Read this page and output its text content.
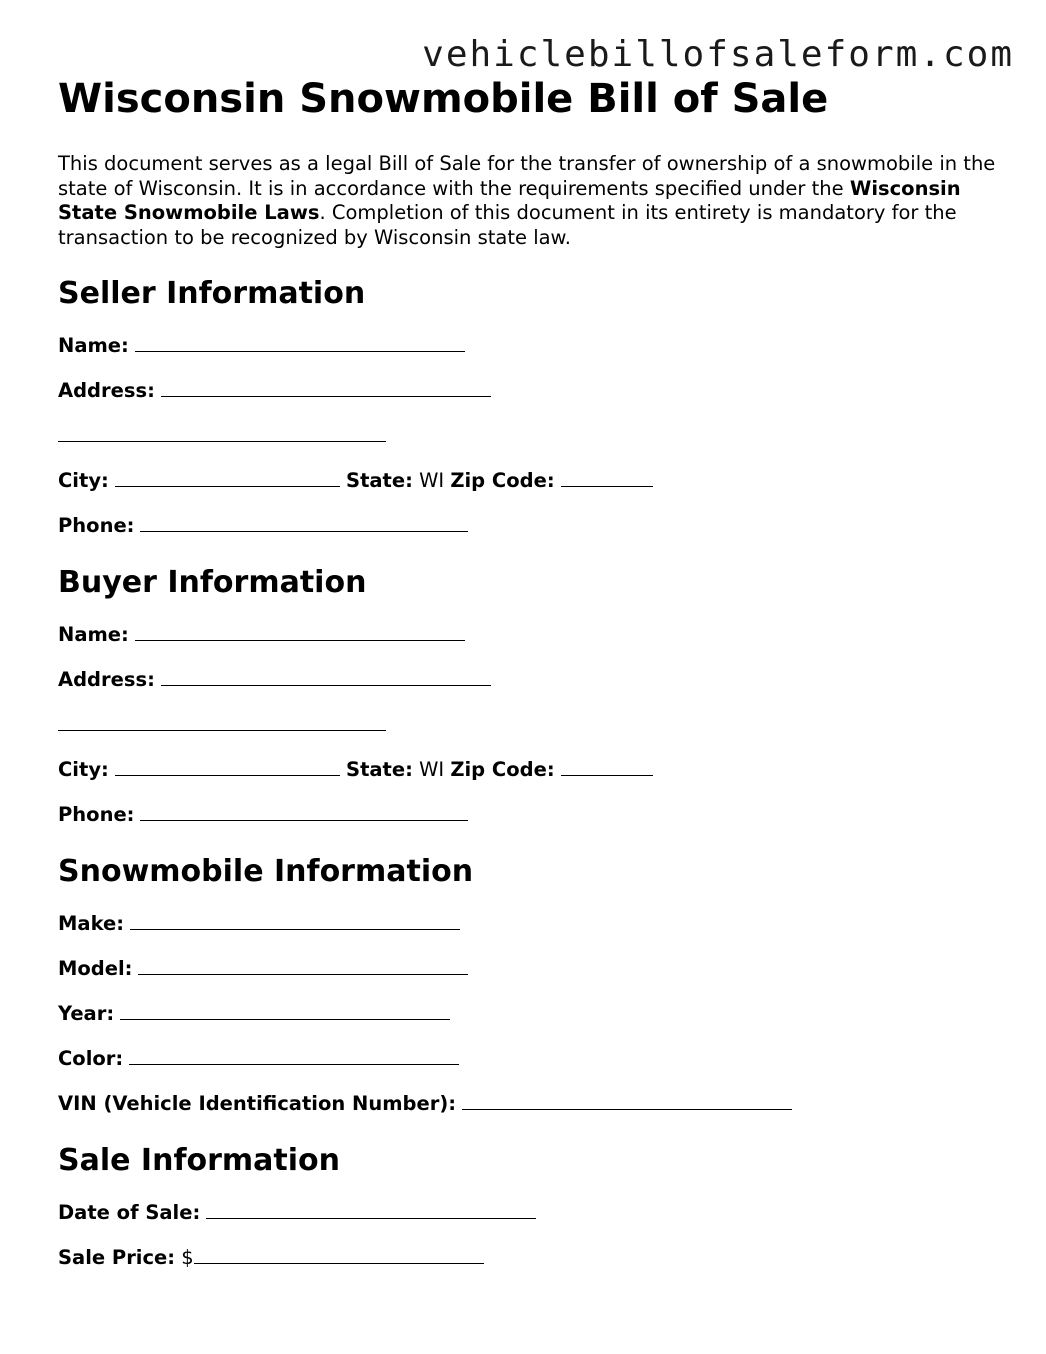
vehiclebillofsaleform.com
Wisconsin Snowmobile Bill of Sale

This document serves as a legal Bill of Sale for the transfer of ownership of a snowmobile in the state of Wisconsin. It is in accordance with the requirements specified under the Wisconsin State Snowmobile Laws. Completion of this document in its entirety is mandatory for the transaction to be recognized by Wisconsin state law.

Seller Information
Name:
Address:
City:	State: WI Zip Code:
Phone:
Buyer Information
Name:
Address:
City:	State: WI Zip Code:
Phone:
Snowmobile Information
Make:
Model:
Year:
Color:
VIN (Vehicle Identification Number):
Sale Information
Date of Sale:
Sale Price: $
